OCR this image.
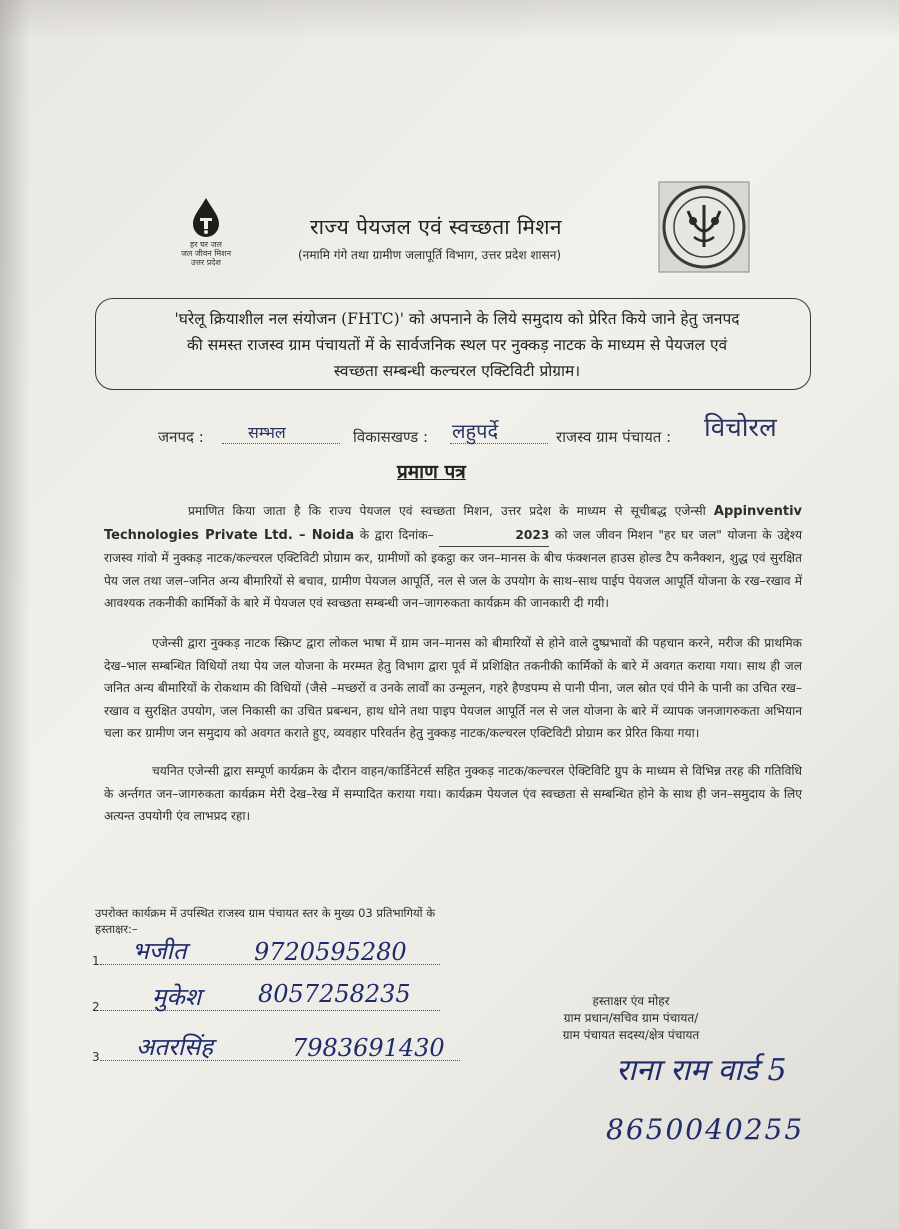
हर घर जल
जल जीवन मिशन
उत्तर प्रदेश
राज्य पेयजल एवं स्वच्छता मिशन
(नमामि गंगे तथा ग्रामीण जलापूर्ति विभाग, उत्तर प्रदेश शासन)
'घरेलू क्रियाशील नल संयोजन (FHTC)' को अपनाने के लिये समुदाय को प्रेरित किये जाने हेतु जनपद
की समस्त राजस्व ग्राम पंचायतों में के सार्वजनिक स्थल पर नुक्कड़ नाटक के माध्यम से पेयजल एवं
स्वच्छता सम्बन्धी कल्चरल एक्टिविटी प्रोग्राम।
जनपद :	सम्भल	विकासखण्ड : लहुपर्दे	राजस्व ग्राम पंचायत : विचोरल
प्रमाण पत्र
प्रमाणित किया जाता है कि राज्य पेयजल एवं स्वच्छता मिशन, उत्तर प्रदेश के माध्यम से सूचीबद्ध एजेन्सी Appinventiv Technologies Private Ltd. – Noida के द्वारा दिनांक–	2023 को जल जीवन मिशन "हर घर जल" योजना के उद्देश्य राजस्व गांवो में नुक्कड़ नाटक/कल्चरल एक्टिविटी प्रोग्राम कर, ग्रामीणों को इकट्ठा कर जन–मानस के बीच फंक्शनल हाउस होल्ड टैप कनैक्शन, शुद्ध एवं सुरक्षित पेय जल तथा जल–जनित अन्य बीमारियों से बचाव, ग्रामीण पेयजल आपूर्ति, नल से जल के उपयोग के साथ–साथ पाईप पेयजल आपूर्ति योजना के रख–रखाव में आवश्यक तकनीकी कार्मिकों के बारे में पेयजल एवं स्वच्छता सम्बन्धी जन–जागरुकता कार्यक्रम की जानकारी दी गयी।
एजेन्सी द्वारा नुक्कड़ नाटक स्क्रिप्ट द्वारा लोकल भाषा में ग्राम जन–मानस को बीमारियों से होने वाले दुष्प्रभावों की पहचान करने, मरीज की प्राथमिक देख–भाल सम्बन्धित विधियों तथा पेय जल योजना के मरम्मत हेतु विभाग द्वारा पूर्व में प्रशिक्षित तकनीकी कार्मिकों के बारे में अवगत कराया गया। साथ ही जल जनित अन्य बीमारियों के रोकथाम की विधियों (जैसे –मच्छरों व उनके लार्वों का उन्मूलन, गहरे हैण्डपम्प से पानी पीना, जल स्रोत एवं पीने के पानी का उचित रख–रखाव व सुरक्षित उपयोग, जल निकासी का उचित प्रबन्धन, हाथ धोने तथा पाइप पेयजल आपूर्ति नल से जल योजना के बारे में व्यापक जनजागरुकता अभियान चला कर ग्रामीण जन समुदाय को अवगत कराते हुए, व्यवहार परिवर्तन हेतु नुक्कड़ नाटक/कल्चरल एक्टिविटी प्रोग्राम कर प्रेरित किया गया।
चयनित एजेन्सी द्वारा सम्पूर्ण कार्यक्रम के दौरान वाहन/कार्डिनेटर्स सहित नुक्कड़ नाटक/कल्चरल ऐक्टिविटि ग्रुप के माध्यम से विभिन्न तरह की गतिविधि के अर्न्तगत जन–जागरुकता कार्यक्रम मेरी देख–रेख में सम्पादित कराया गया। कार्यक्रम पेयजल एंव स्वच्छता से सम्बन्धित होने के साथ ही जन–समुदाय के लिए अत्यन्त उपयोगी एंव लाभप्रद रहा।
उपरोक्त कार्यक्रम में उपस्थित राजस्व ग्राम पंचायत स्तर के मुख्य 03 प्रतिभागियों के
हस्ताक्षर:–
1 भजीत	9720595280
2 मुकेश 8057258235
3 अतरसिंह	7983691430
हस्ताक्षर एंव मोहर
ग्राम प्रधान/सचिव ग्राम पंचायत/
ग्राम पंचायत सदस्य/क्षेत्र पंचायत
राना राम वार्ड 5
8650040255
